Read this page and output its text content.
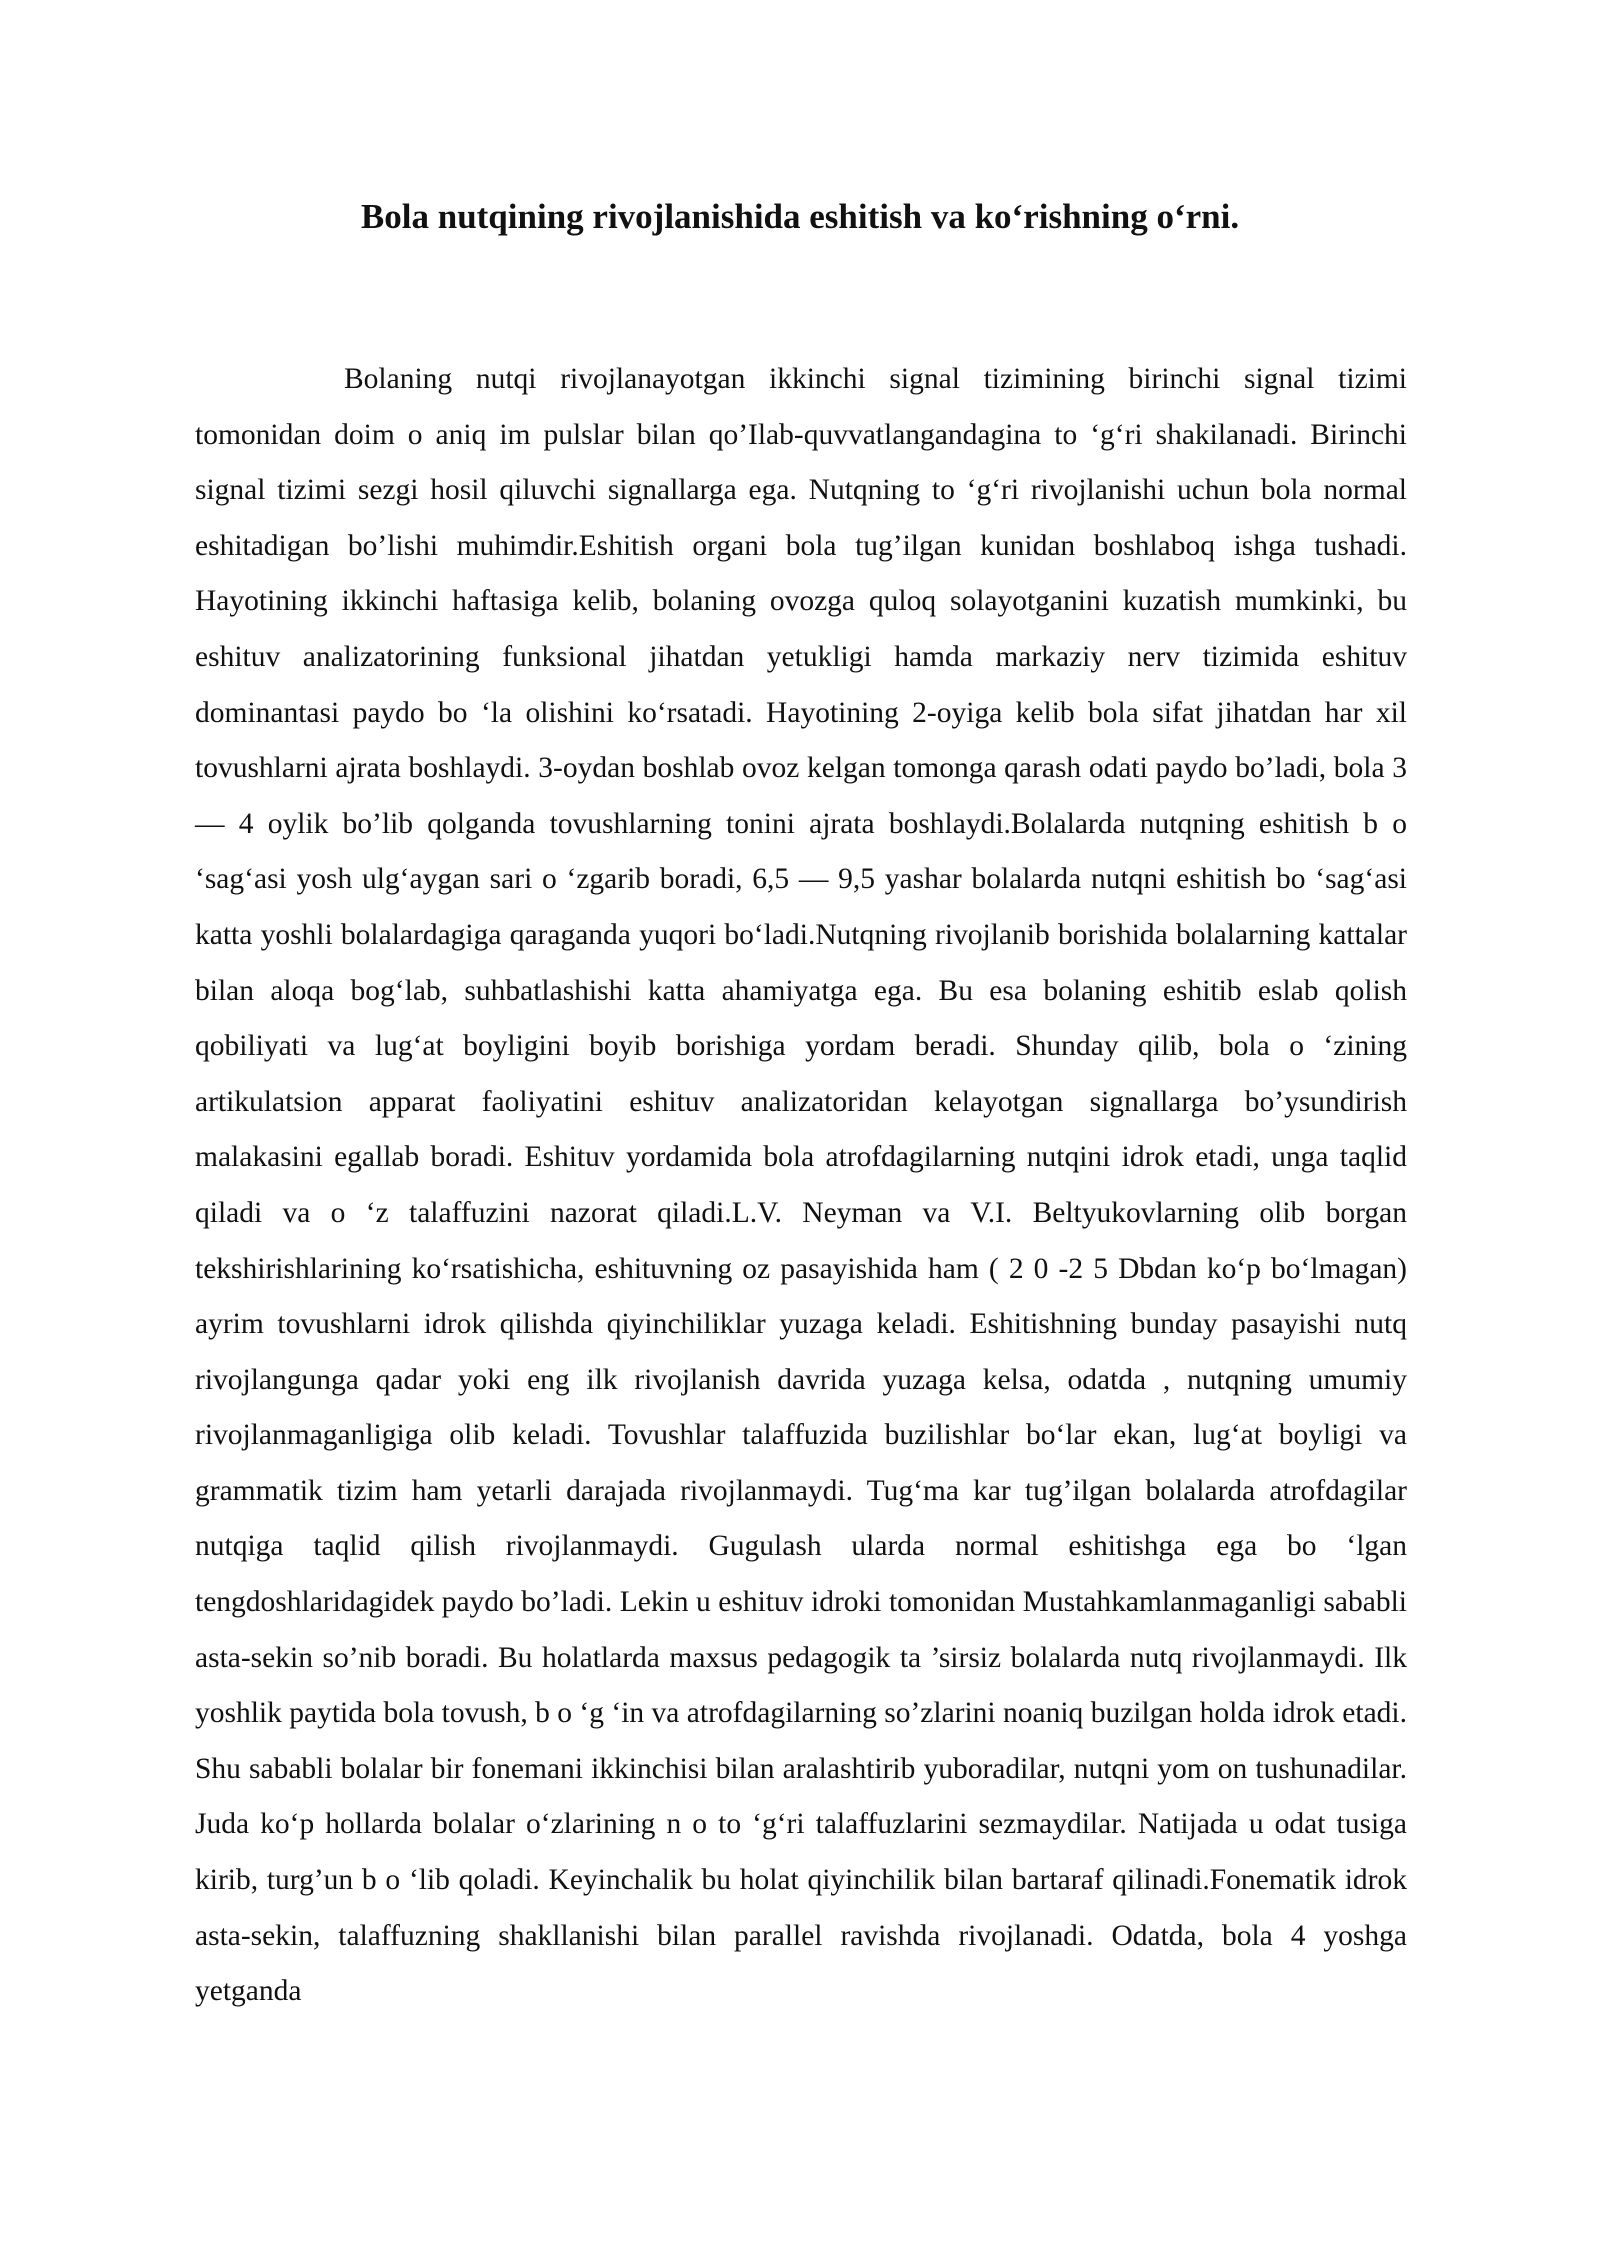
Bola nutqining rivojlanishida eshitish va ko‘rishning o‘rni.

Bolaning nutqi rivojlanayotgan ikkinchi signal tizimining birinchi signal tizimi tomonidan doim o aniq im pulslar bilan qo’Ilab-quvvatlangandagina to ‘g‘ri shakilanadi. Birinchi signal tizimi sezgi hosil qiluvchi signallarga ega. Nutqning to ‘g‘ri rivojlanishi uchun bola normal eshitadigan bo’lishi muhimdir.Eshitish organi bola tug’ilgan kunidan boshlaboq ishga tushadi. Hayotining ikkinchi haftasiga kelib, bolaning ovozga quloq solayotganini kuzatish mumkinki, bu eshituv analizatorining funksional jihatdan yetukligi hamda markaziy nerv tizimida eshituv dominantasi paydo bo ‘la olishini ko‘rsatadi. Hayotining 2-oyiga kelib bola sifat jihatdan har xil tovushlarni ajrata boshlaydi. 3-oydan boshlab ovoz kelgan tomonga qarash odati paydo bo’ladi, bola 3 — 4 oylik bo’lib qolganda tovushlarning tonini ajrata boshlaydi.Bolalarda nutqning eshitish b o ‘sag‘asi yosh ulg‘aygan sari o ‘zgarib boradi, 6,5 — 9,5 yashar bolalarda nutqni eshitish bo ‘sag‘asi katta yoshli bolalardagiga qaraganda yuqori bo‘ladi.Nutqning rivojlanib borishida bolalarning kattalar bilan aloqa bog‘lab, suhbatlashishi katta ahamiyatga ega. Bu esa bolaning eshitib eslab qolish qobiliyati va lug‘at boyligini boyib borishiga yordam beradi. Shunday qilib, bola o ‘zining artikulatsion apparat faoliyatini eshituv analizatoridan kelayotgan signallarga bo’ysundirish malakasini egallab boradi. Eshituv yordamida bola atrofdagilarning nutqini idrok etadi, unga taqlid qiladi va o ‘z talaffuzini nazorat qiladi.L.V. Neyman va V.I. Beltyukovlarning olib borgan tekshirishlarining ko‘rsatishicha, eshituvning oz pasayishida ham ( 2 0 -2 5 Dbdan ko‘p bo‘lmagan) ayrim tovushlarni idrok qilishda qiyinchiliklar yuzaga keladi. Eshitishning bunday pasayishi nutq rivojlangunga qadar yoki eng ilk rivojlanish davrida yuzaga kelsa, odatda , nutqning umumiy rivojlanmaganligiga olib keladi. Tovushlar talaffuzida buzilishlar bo‘lar ekan, lug‘at boyligi va grammatik tizim ham yetarli darajada rivojlanmaydi. Tug‘ma kar tug’ilgan bolalarda atrofdagilar nutqiga taqlid qilish rivojlanmaydi. Gugulash ularda normal eshitishga ega bo ‘lgan tengdoshlaridagidek paydo bo’ladi. Lekin u eshituv idroki tomonidan Mustahkamlanmaganligi sababli asta-sekin so’nib boradi. Bu holatlarda maxsus pedagogik ta ’sirsiz bolalarda nutq rivojlanmaydi. Ilk yoshlik paytida bola tovush, b o ‘g ‘in va atrofdagilarning so’zlarini noaniq buzilgan holda idrok etadi. Shu sababli bolalar bir fonemani ikkinchisi bilan aralashtirib yuboradilar, nutqni yom on tushunadilar. Juda ko‘p hollarda bolalar o‘zlarining n o to ‘g‘ri talaffuzlarini sezmaydilar. Natijada u odat tusiga kirib, turg’un b o ‘lib qoladi. Keyinchalik bu holat qiyinchilik bilan bartaraf qilinadi.Fonematik idrok asta-sekin, talaffuzning shakllanishi bilan parallel ravishda rivojlanadi. Odatda, bola 4 yoshga yetganda
